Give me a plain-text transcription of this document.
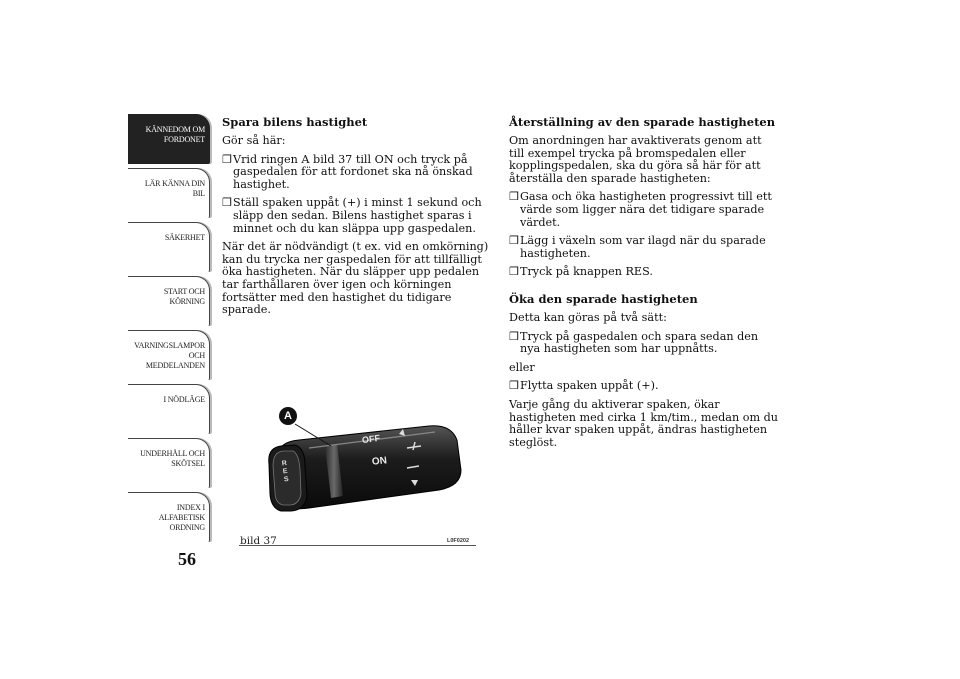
KÄNNEDOM OM
FORDONET
LÄR KÄNNA DIN
BIL
SÄKERHET
START OCH
KÖRNING
VARNINGSLAMPOR
OCH
MEDDELANDEN
I NÖDLÄGE
UNDERHÅLL OCH
SKÖTSEL
INDEX I
ALFABETISK
ORDNING
56
Spara bilens hastighet

Gör så här:

❒ Vrid ringen A bild 37 till ON och tryck på gaspedalen för att fordonet ska nå önskad hastighet.
❒ Ställ spaken uppåt (+) i minst 1 sekund och släpp den sedan. Bilens hastighet sparas i minnet och du kan släppa upp gaspedalen.

När det är nödvändigt (t ex. vid en omkörning) kan du trycka ner gaspedalen för att tillfälligt öka hastigheten. När du släpper upp pedalen tar farthållaren över igen och körningen fortsätter med den hastighet du tidigare sparade.

Återställning av den sparade hastigheten

Om anordningen har avaktiverats genom att till exempel trycka på bromspedalen eller kopplingspedalen, ska du göra så här för att återställa den sparade hastigheten:

❒ Gasa och öka hastigheten progressivt till ett värde som ligger nära det tidigare sparade värdet.
❒ Lägg i växeln som var ilagd när du sparade hastigheten.
❒ Tryck på knappen RES.
Öka den sparade hastigheten

Detta kan göras på två sätt:

❒ Tryck på gaspedalen och spara sedan den nya hastigheten som har uppnåtts.

eller

❒ Flytta spaken uppåt (+).

Varje gång du aktiverar spaken, ökar hastigheten med cirka 1 km/tim., medan om du håller kvar spaken uppåt, ändras hastigheten steglöst.

A
OFF
ON
RES
bild 37	L0F0202
